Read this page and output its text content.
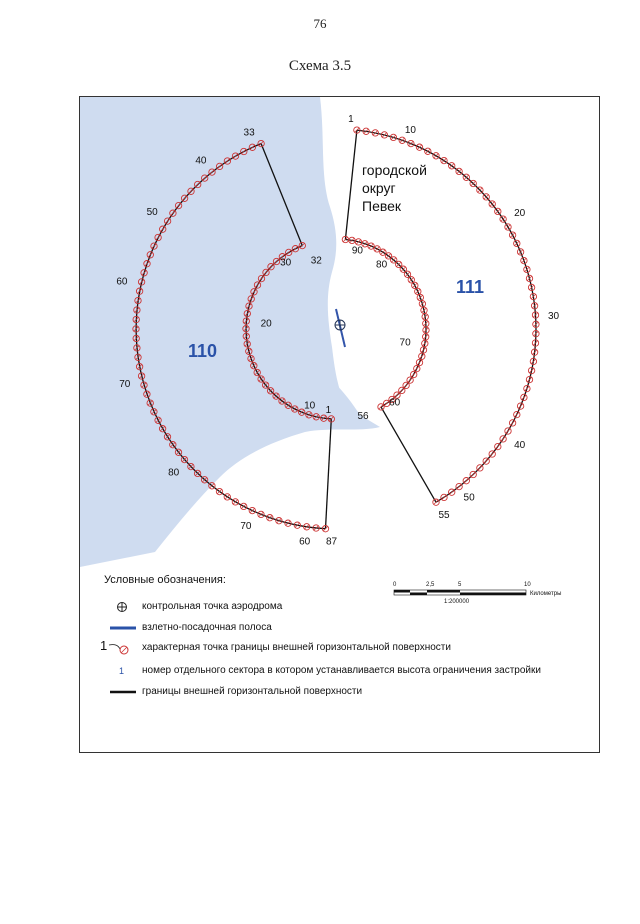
76
Схема 3.5
1
10
20
30
40
50
55
60
70
80
87
70
60
50
40
33
90
80
70
60
56
1
10
20
30 32
городской
округ
Певек
110
111
Условные обозначения:	0	2,5	5	10
Километры
1:200000
контрольная точка аэродрома
взлетно-посадочная полоса
1	характерная точка границы внешней горизонтальной поверхности
1 номер отдельного сектора в котором устанавливается высота ограничения застройки
границы внешней горизонтальной поверхности
